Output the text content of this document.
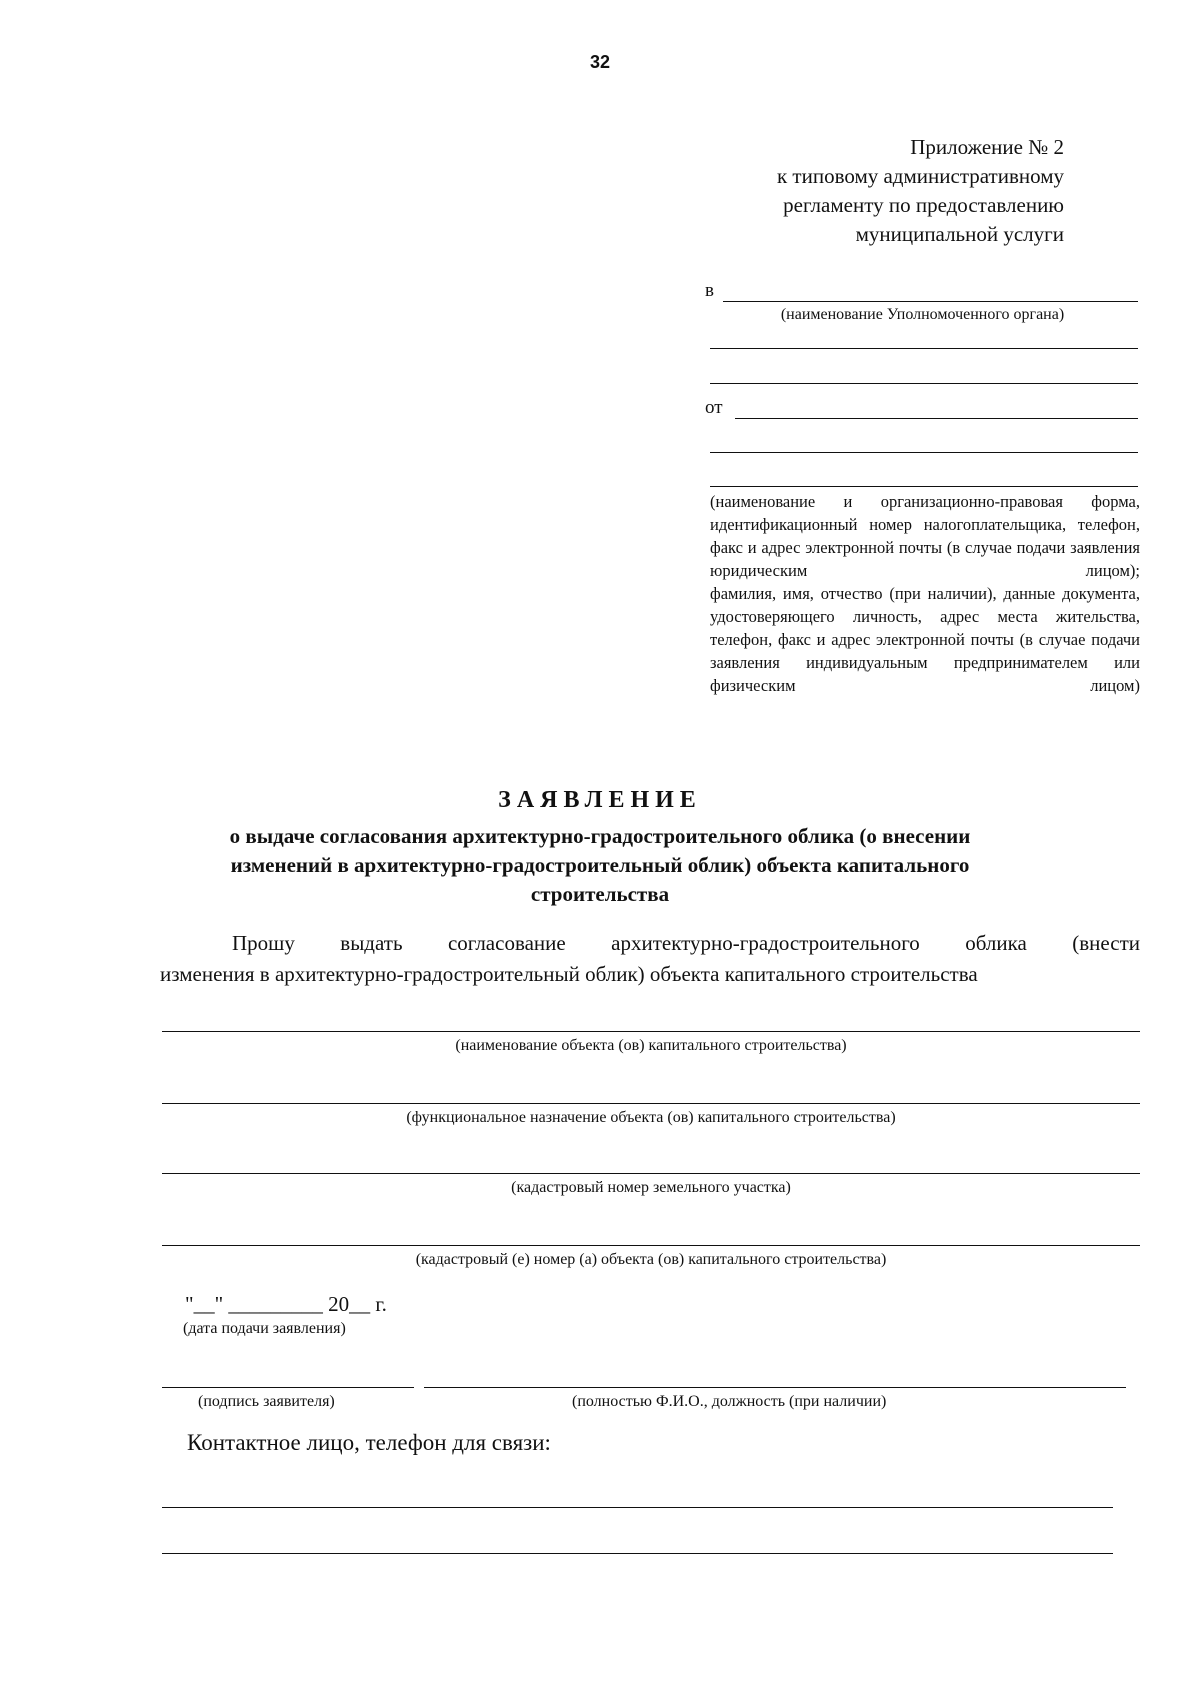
32
Приложение № 2
к типовому административному
регламенту по предоставлению
муниципальной услуги
в
(наименование Уполномоченного органа)
от
(наименование и организационно-правовая форма, идентификационный номер налогоплательщика, телефон, факс и адрес электронной почты (в случае подачи заявления юридическим лицом);
фамилия, имя, отчество (при наличии), данные документа, удостоверяющего личность, адрес места жительства, телефон, факс и адрес электронной почты (в случае подачи заявления индивидуальным предпринимателем или физическим лицом)
ЗАЯВЛЕНИЕ
о выдаче согласования архитектурно-градостроительного облика (о внесении
изменений в архитектурно-градостроительный облик) объекта капитального
строительства
Прошу выдать согласование архитектурно-градостроительного облика (внести
изменения в архитектурно-градостроительный облик) объекта капитального строительства
(наименование объекта (ов) капитального строительства)
(функциональное назначение объекта (ов) капитального строительства)
(кадастровый номер земельного участка)
(кадастровый (е) номер (а) объекта (ов) капитального строительства)
"__" _________ 20__ г.
(дата подачи заявления)
(подпись заявителя)	(полностью Ф.И.О., должность (при наличии)
Контактное лицо, телефон для связи:
